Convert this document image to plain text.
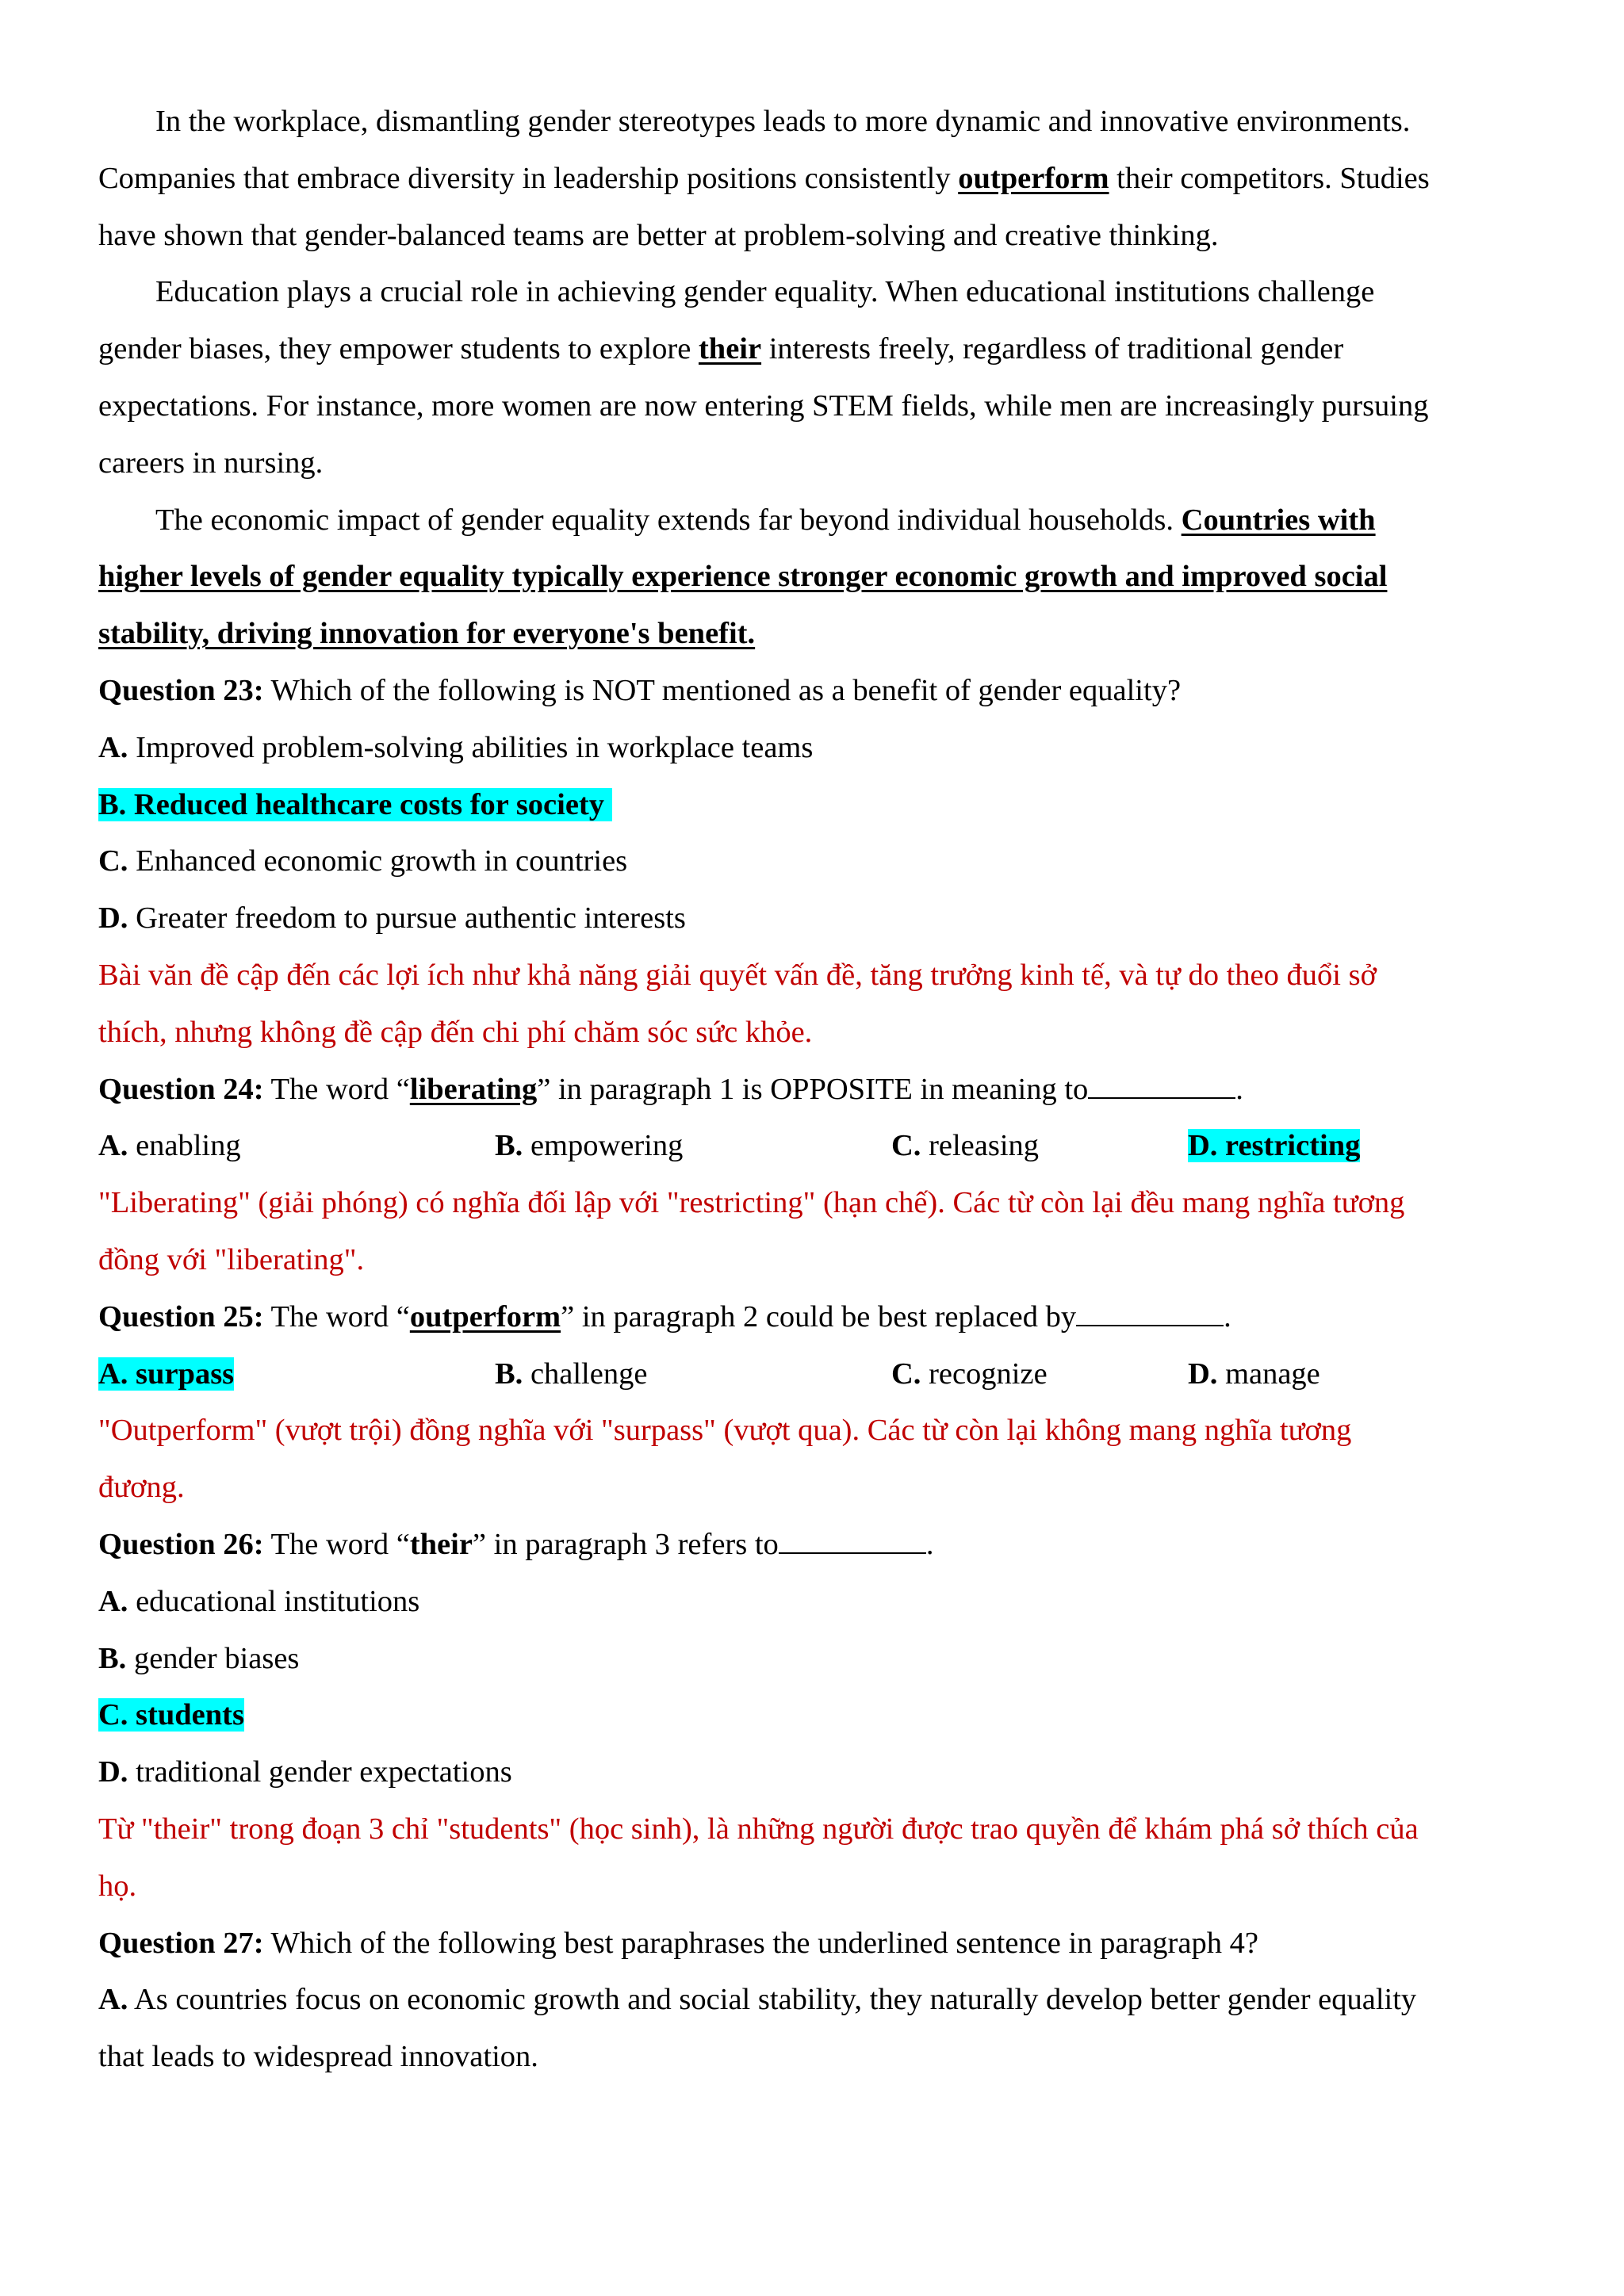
In the workplace, dismantling gender stereotypes leads to more dynamic and innovative environments.
Companies that embrace diversity in leadership positions consistently outperform their competitors. Studies
have shown that gender-balanced teams are better at problem-solving and creative thinking.
Education plays a crucial role in achieving gender equality. When educational institutions challenge
gender biases, they empower students to explore their interests freely, regardless of traditional gender
expectations. For instance, more women are now entering STEM fields, while men are increasingly pursuing
careers in nursing.
The economic impact of gender equality extends far beyond individual households. Countries with
higher levels of gender equality typically experience stronger economic growth and improved social
stability, driving innovation for everyone's benefit.
Question 23: Which of the following is NOT mentioned as a benefit of gender equality?
A. Improved problem-solving abilities in workplace teams
B. Reduced healthcare costs for society
C. Enhanced economic growth in countries
D. Greater freedom to pursue authentic interests
Bài văn đề cập đến các lợi ích như khả năng giải quyết vấn đề, tăng trưởng kinh tế, và tự do theo đuổi sở
thích, nhưng không đề cập đến chi phí chăm sóc sức khỏe.
Question 24: The word “liberating” in paragraph 1 is OPPOSITE in meaning to	.
A. enabling	B. empowering	C. releasing	D. restricting
"Liberating" (giải phóng) có nghĩa đối lập với "restricting" (hạn chế). Các từ còn lại đều mang nghĩa tương
đồng với "liberating".
Question 25: The word “outperform” in paragraph 2 could be best replaced by	.
A. surpass	B. challenge	C. recognize	D. manage
"Outperform" (vượt trội) đồng nghĩa với "surpass" (vượt qua). Các từ còn lại không mang nghĩa tương
đương.
Question 26: The word “their” in paragraph 3 refers to	.
A. educational institutions
B. gender biases
C. students
D. traditional gender expectations
Từ "their" trong đoạn 3 chỉ "students" (học sinh), là những người được trao quyền để khám phá sở thích của
họ.
Question 27: Which of the following best paraphrases the underlined sentence in paragraph 4?
A. As countries focus on economic growth and social stability, they naturally develop better gender equality
that leads to widespread innovation.
